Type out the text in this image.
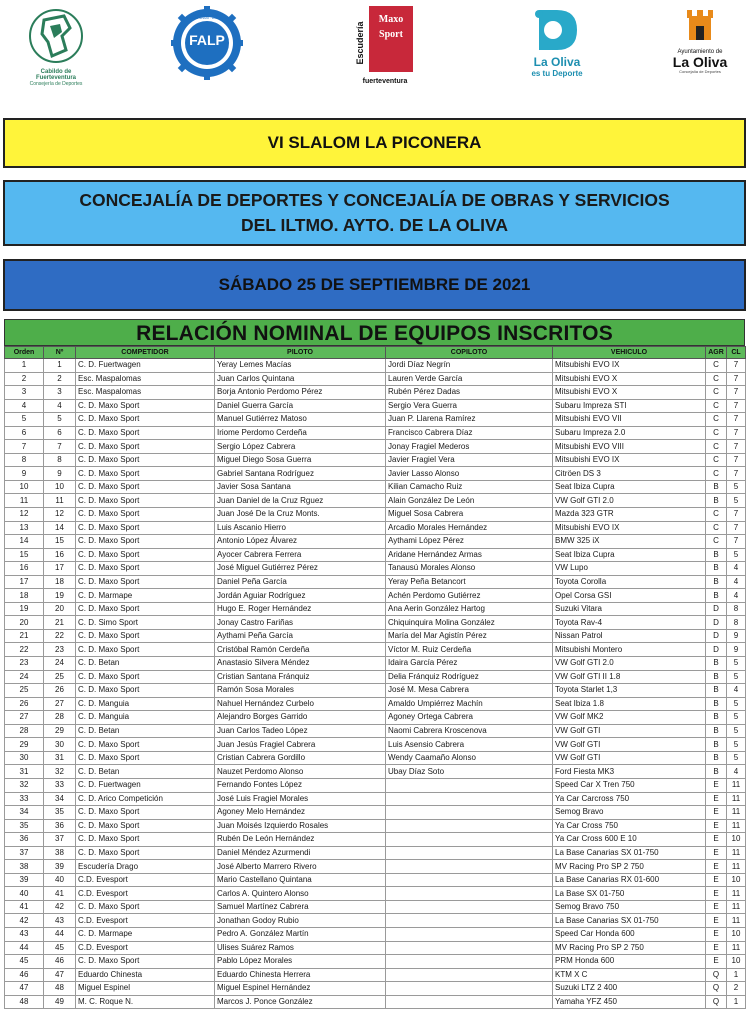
Cabildo de Fuerteventura
Consejería de Deportes
FALP
FEDERACIÓN DE AUTOMOVILISMO · LAS PALMAS
Escudería
Maxo
Sport
fuerteventura
La Oliva
es tu Deporte
Ayuntamiento de
La Oliva
Concejalía de Deportes
VI SLALOM LA PICONERA
CONCEJALÍA DE DEPORTES Y CONCEJALÍA DE OBRAS Y SERVICIOS
DEL ILTMO. AYTO. DE LA OLIVA
SÁBADO 25 DE SEPTIEMBRE DE 2021
RELACIÓN NOMINAL DE EQUIPOS INSCRITOS
Orden	Nº	COMPETIDOR	PILOTO	COPILOTO	VEHICULO	AGR	CL
1	1	C. D. Fuertwagen	Yeray Lemes Macías	Jordi Díaz Negrín	Mitsubishi EVO IX	C	7
2	2	Esc. Maspalomas	Juan Carlos Quintana	Lauren Verde García	Mitsubishi EVO X	C	7
3	3	Esc. Maspalomas	Borja Antonio Perdomo Pérez	Rubén Pérez Dadas	Mitsubishi EVO X	C	7
4	4	C. D. Maxo Sport	Daniel Guerra García	Sergio Vera Guerra	Subaru Impreza STI	C	7
5	5	C. D. Maxo Sport	Manuel Gutiérrez Matoso	Juan P. Llarena Ramírez	Mitsubishi EVO VII	C	7
6	6	C. D. Maxo Sport	Iriome Perdomo Cerdeña	Francisco Cabrera Díaz	Subaru Impreza 2.0	C	7
7	7	C. D. Maxo Sport	Sergio López Cabrera	Jonay Fragiel Mederos	Mitsubishi EVO VIII	C	7
8	8	C. D. Maxo Sport	Miguel Diego Sosa Guerra	Javier Fragiel Vera	Mitsubishi EVO IX	C	7
9	9	C. D. Maxo Sport	Gabriel Santana Rodríguez	Javier Lasso Alonso	Citröen DS 3	C	7
10	10	C. D. Maxo Sport	Javier Sosa Santana	Kilian Camacho Ruiz	Seat Ibiza Cupra	B	5
11	11	C. D. Maxo Sport	Juan Daniel de la Cruz Rguez	Alain González De León	VW Golf GTI 2.0	B	5
12	12	C. D. Maxo Sport	Juan José De la Cruz Monts.	Miguel Sosa Cabrera	Mazda 323 GTR	C	7
13	14	C. D. Maxo Sport	Luis Ascanio Hierro	Arcadio Morales Hernández	Mitsubishi EVO IX	C	7
14	15	C. D. Maxo Sport	Antonio López Álvarez	Aythami López Pérez	BMW 325 iX	C	7
15	16	C. D. Maxo Sport	Ayocer Cabrera Ferrera	Aridane Hernández Armas	Seat Ibiza Cupra	B	5
16	17	C. D. Maxo Sport	José Miguel Gutiérrez Pérez	Tanausú Morales Alonso	VW Lupo	B	4
17	18	C. D. Maxo Sport	Daniel Peña García	Yeray Peña Betancort	Toyota Corolla	B	4
18	19	C. D. Marmape	Jordán Aguiar Rodríguez	Achén Perdomo Gutiérrez	Opel Corsa GSI	B	4
19	20	C. D. Maxo Sport	Hugo E. Roger Hernández	Ana Aerin González Hartog	Suzuki Vitara	D	8
20	21	C. D. Simo Sport	Jonay Castro Fariñas	Chiquinquira Molina González	Toyota Rav-4	D	8
21	22	C. D. Maxo Sport	Aythami Peña García	María del Mar Agistín Pérez	Nissan Patrol	D	9
22	23	C. D. Maxo Sport	Cristóbal Ramón Cerdeña	Víctor M. Ruiz Cerdeña	Mitsubishi Montero	D	9
23	24	C. D. Betan	Anastasio Silvera Méndez	Idaira García Pérez	VW Golf GTI 2.0	B	5
24	25	C. D. Maxo Sport	Cristian Santana Fránquiz	Delia Fránquiz Rodríguez	VW Golf GTI II 1.8	B	5
25	26	C. D. Maxo Sport	Ramón Sosa Morales	José M. Mesa Cabrera	Toyota Starlet 1,3	B	4
26	27	C. D. Manguia	Nahuel Hernández Curbelo	Amaldo Umpiérrez Machín	Seat Ibiza 1.8	B	5
27	28	C. D. Manguia	Alejandro Borges Garrido	Agoney Ortega Cabrera	VW Golf MK2	B	5
28	29	C. D. Betan	Juan Carlos Tadeo López	Naomi Cabrera Kroscenova	VW Golf GTI	B	5
29	30	C. D. Maxo Sport	Juan Jesús Fragiel Cabrera	Luis Asensio Cabrera	VW Golf GTI	B	5
30	31	C. D. Maxo Sport	Cristian Cabrera Gordillo	Wendy Caamaño Alonso	VW Golf GTI	B	5
31	32	C. D. Betan	Nauzet Perdomo Alonso	Ubay Díaz Soto	Ford Fiesta MK3	B	4
32	33	C. D. Fuertwagen	Fernando Fontes López		Speed Car X Tren 750	E	11
33	34	C. D. Arico Competición	José Luis Fragiel Morales		Ya Car Carcross 750	E	11
34	35	C. D. Maxo Sport	Agoney Melo Hernández		Semog Bravo	E	11
35	36	C. D. Maxo Sport	Juan Moisés Izquierdo Rosales		Ya Car Cross 750	E	11
36	37	C. D. Maxo Sport	Rubén De León Hernández		Ya Car Cross 600 E 10	E	10
37	38	C. D. Maxo Sport	Daniel Méndez Azurmendi		La Base Canarias SX 01-750	E	11
38	39	Escudería Drago	José Alberto Marrero Rivero		MV Racing Pro SP 2 750	E	11
39	40	C.D. Evesport	Mario Castellano Quintana		La Base Canarias RX 01-600	E	10
40	41	C.D. Evesport	Carlos A. Quintero Alonso		La Base SX 01-750	E	11
41	42	C. D. Maxo Sport	Samuel Martínez Cabrera		Semog Bravo 750	E	11
42	43	C.D. Evesport	Jonathan Godoy Rubio		La Base Canarias SX 01-750	E	11
43	44	C. D. Marmape	Pedro A. González Martín		Speed Car Honda 600	E	10
44	45	C.D. Evesport	Ulises Suárez Ramos		MV Racing Pro SP 2 750	E	11
45	46	C. D. Maxo Sport	Pablo López Morales		PRM Honda 600	E	10
46	47	Eduardo Chinesta	Eduardo Chinesta Herrera		KTM X C	Q	1
47	48	Miguel Espinel	Miguel Espinel Hernández		Suzuki LTZ 2 400	Q	2
48	49	M. C. Roque N.	Marcos J. Ponce González		Yamaha YFZ 450	Q	1
